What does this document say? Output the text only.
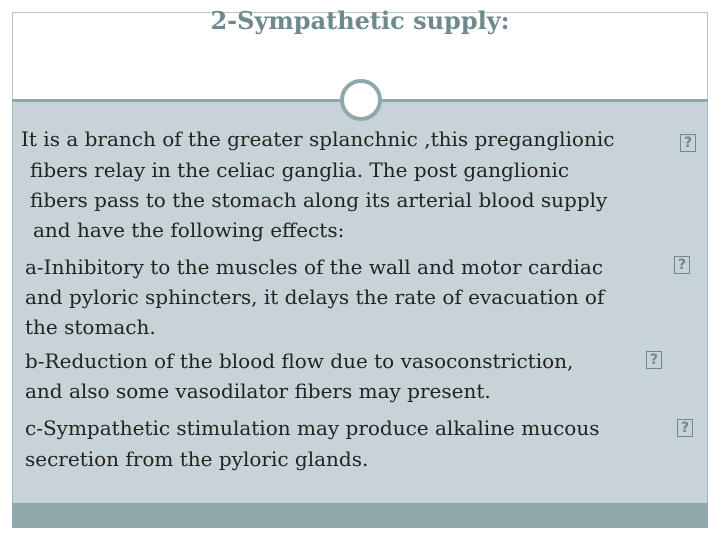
2-Sympathetic supply:

It is a branch of the greater splanchnic ,this preganglionic

fibers relay in the celiac ganglia. The post ganglionic

fibers pass to the stomach along its arterial blood supply

and have the following effects:

a-Inhibitory to the muscles of the wall and motor cardiac

and pyloric sphincters, it delays the rate of evacuation of

the stomach.

b-Reduction of the blood flow due to vasoconstriction,

and also some vasodilator fibers may present.

c-Sympathetic stimulation may produce alkaline mucous

secretion from the pyloric glands.

?
?
?
?
